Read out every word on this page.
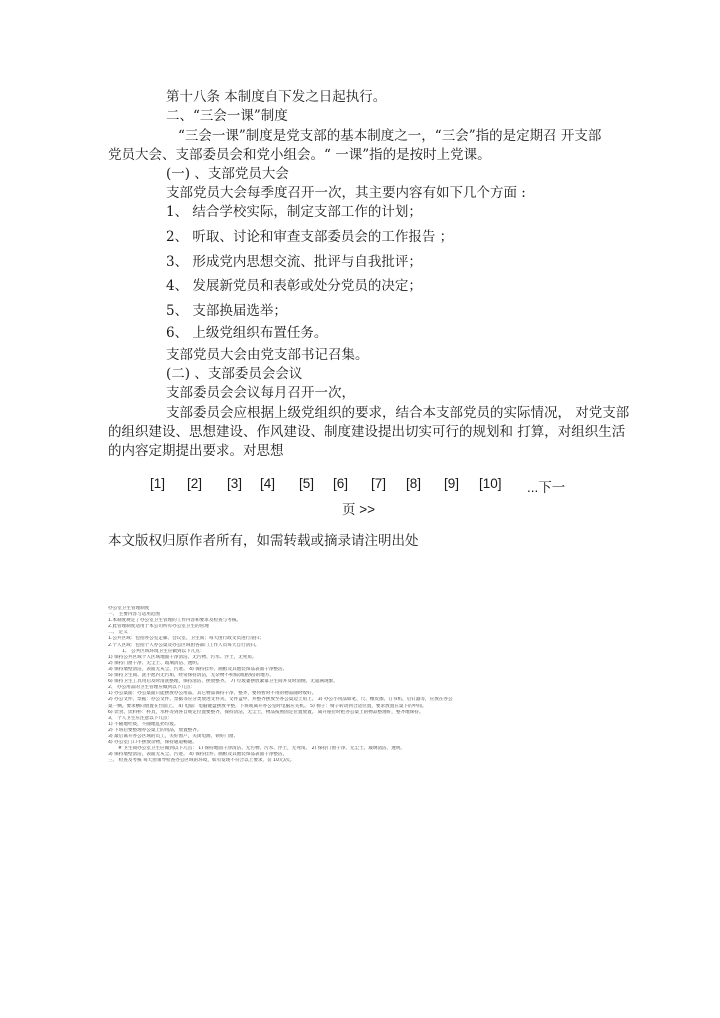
第十八条 本制度自下发之日起执行。
二、“三会一课”制度
“三会一课”制度是党支部的基本制度之一，“三会”指的是定期召 开支部
党员大会、支部委员会和党小组会。“ 一课”指的是按时上党课。
(一) 、支部党员大会
支部党员大会每季度召开一次，其主要内容有如下几个方面 :
1、 结合学校实际，制定支部工作的计划；
2、 听取、讨论和审查支部委员会的工作报告 ；
3、 形成党内思想交流、批评与自我批评；
4、 发展新党员和表彰或处分党员的决定；
5、 支部换届选举；
6、 上级党组织布置任务。
支部党员大会由党支部书记召集。
(二) 、支部委员会会议
支部委员会会议每月召开一次，
支部委员会应根据上级党组织的要求，结合本支部党员的实际情况， 对党支部
的组织建设、思想建设、作风建设、制度建设提出切实可行的规划和 打算，对组织生活
的内容定期提出要求。对思想
[1] [2] [3] [4] [5] [6] [7] [8] [9] [10] ...下一
页 >>
本文版权归原作者所有，如需转载或摘录请注明出处
办公室卫生管理制度
一、 主要内容与适用范围
1.本制度规定了办公室卫生管理的工作内容和要求及检查与考核。
2.此管理制度适用于本公司所有办公室卫生的管理
二、 定义
1.公共区域：包括办公室走廊、会议室、卫生间；每天由行政文员进行清扫；
2.个人区域：包括个人办公桌及办公区域由各部门工作人员每天自行清扫。
1、 公共区域环境卫生应做到以下几点：
1) 保持公共区域个人区域地面干净清洁、无污物、污水、浮土，无死角。
2) 保持门窗干净、无尘土、玻璃清洁、透明。
3) 保持墙壁清洁，表面无灰尘、污迹。 4) 保持挂件、画框及其他装饰品表面干净整洁。
5) 保持卫生间、洗手池内无污垢，经常保持清洁，无杂物不积垢(或粘贴)的地方。
6) 保持卫生工具用后及时清洗整理，保持清洁、摆放整齐。 7) 垃圾篓摆放紧靠卫生间并及时清倒，无超满现象。
2、 办公用品的卫生管理应做到以下几点：
1) 办公桌面：办公桌面只能摆放办公用品，其它物品保持干净、整齐，要将暂时不用的物品随时收好。
2) 办公文件、票据：办公文件、票据等应分类放进文件夹、文件盒中，并整齐摆放至办公桌边上角上。 3) 办公小用品如笔、尺、橡皮擦、订书机、启钉器等，应放在办公
桌一侧。要求横向放置在台面上。 4) 电脑：电脑键盘摆放平整，下班或离开办公室时电脑应关机。 5) 椅子：椅子转动到合适位置，要求放置在桌下的中间。
6) 饮食、饮料杯：杯具，水杯等到各自规定位置要整齐，保持清洁，无尘土，物品按照固定位置放置。 离开座位时把办公桌上的物品整理好，整齐地保持。
3、 个人卫生应注意以下几点：
1) 不随地吐痰，不随地乱扔垃圾。
2) 下班后要整理办公桌上的用品，放置整齐。
3) 最后离开办公区域的员工，关好窗户，关闭电源，锁好门窗。
4) 办公室门口不摆放杂物，保持通道畅通。
# 卫生间办公室卫生应做到以下几点： 1) 保持地面干净清洁、无污物、污水、浮土，无死角。 2) 保持门窗干净、无尘土、玻璃清洁、透明。
3) 保持墙壁清洁，表面无灰尘、污迹。 4) 保持挂件、画框及其他装饰品表面干净整洁。
三、 检查及考核 每天由领导检查办公区域的环境，如有发现不符合以上要求，罚 10元/次。
